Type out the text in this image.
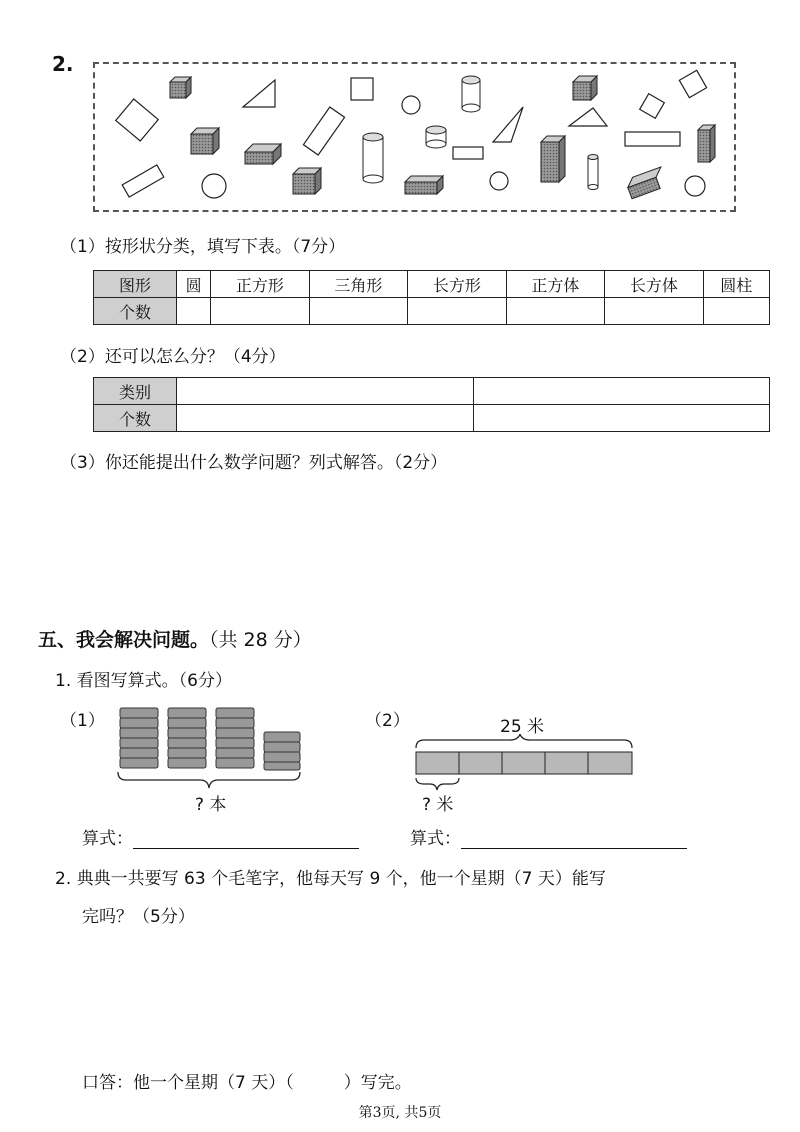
2.
（1）按形状分类，填写下表。（7分）
图形	圆	正方形	三角形	长方形	正方体	长方体	圆柱
个数							
（2）还可以怎么分？（4分）
类别		
个数		
（3）你还能提出什么数学问题？列式解答。（2分）
五、我会解决问题。（共 28 分）
1. 看图写算式。（6分）
（1）
? 本
（2）	25 米
? 米
算式：	算式：
2. 典典一共要写 63 个毛笔字，他每天写 9 个，他一个星期（7 天）能写
完吗？（5分）
口答：他一个星期（7 天）（	）写完。
第3页, 共5页
